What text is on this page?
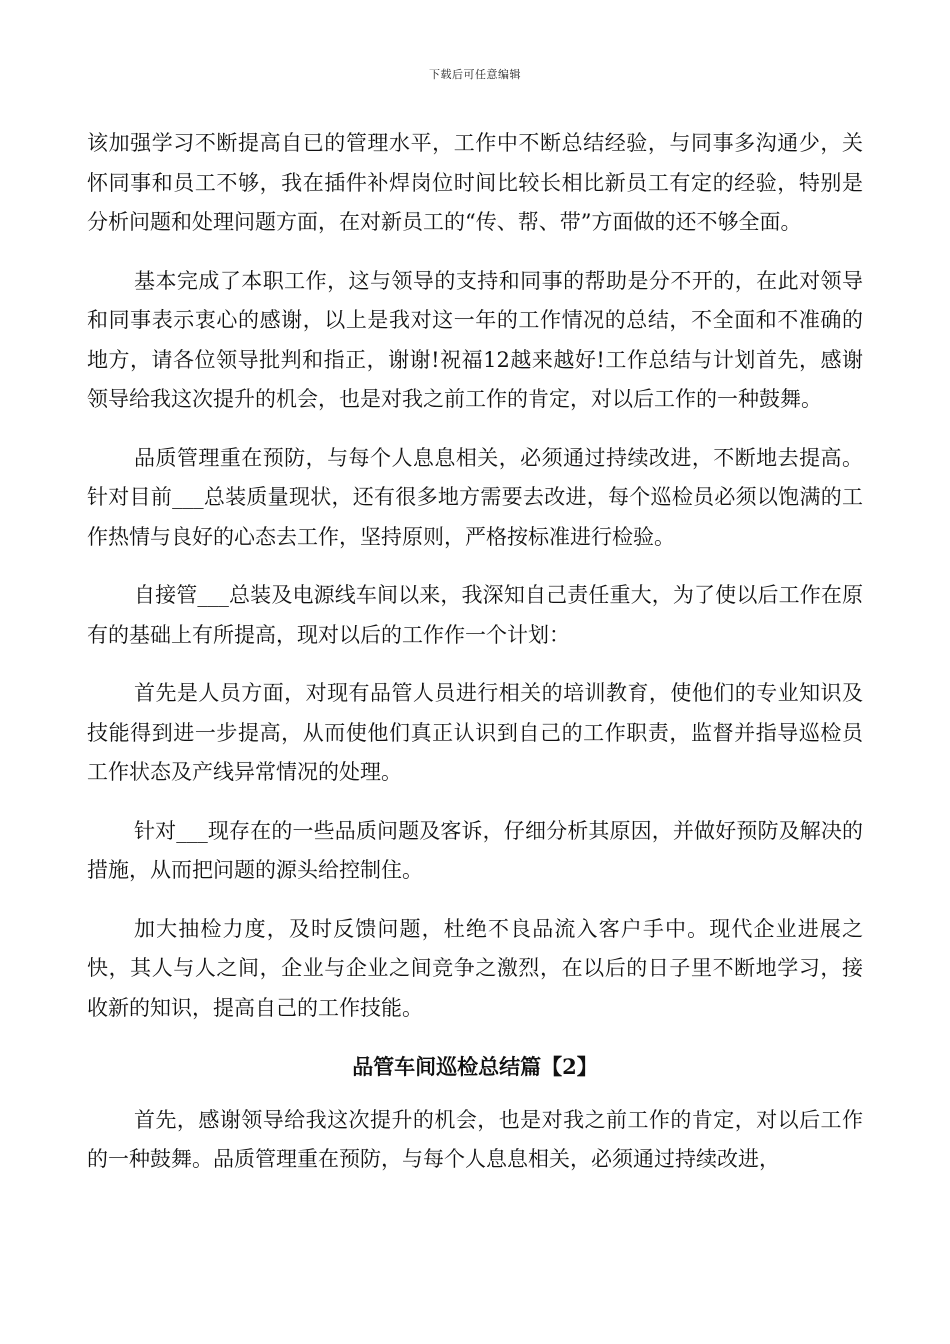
下载后可任意编辑

该加强学习不断提高自已的管理水平，工作中不断总结经验，与同事多沟通少，关怀同事和员工不够，我在插件补焊岗位时间比较长相比新员工有定的经验，特别是分析问题和处理问题方面，在对新员工的“传、帮、带”方面做的还不够全面。

基本完成了本职工作，这与领导的支持和同事的帮助是分不开的，在此对领导和同事表示衷心的感谢，以上是我对这一年的工作情况的总结，不全面和不准确的地方，请各位领导批判和指正，谢谢!祝福12越来越好!工作总结与计划首先，感谢领导给我这次提升的机会，也是对我之前工作的肯定，对以后工作的一种鼓舞。

品质管理重在预防，与每个人息息相关，必须通过持续改进，不断地去提高。针对目前___总装质量现状，还有很多地方需要去改进，每个巡检员必须以饱满的工作热情与良好的心态去工作，坚持原则，严格按标准进行检验。

自接管___总装及电源线车间以来，我深知自己责任重大，为了使以后工作在原有的基础上有所提高，现对以后的工作作一个计划：

首先是人员方面，对现有品管人员进行相关的培训教育，使他们的专业知识及技能得到进一步提高，从而使他们真正认识到自己的工作职责，监督并指导巡检员工作状态及产线异常情况的处理。

针对___现存在的一些品质问题及客诉，仔细分析其原因，并做好预防及解决的措施，从而把问题的源头给控制住。

加大抽检力度，及时反馈问题，杜绝不良品流入客户手中。现代企业进展之快，其人与人之间，企业与企业之间竞争之激烈，在以后的日子里不断地学习，接收新的知识，提高自己的工作技能。

品管车间巡检总结篇【2】

首先，感谢领导给我这次提升的机会，也是对我之前工作的肯定，对以后工作的一种鼓舞。品质管理重在预防，与每个人息息相关，必须通过持续改进，
